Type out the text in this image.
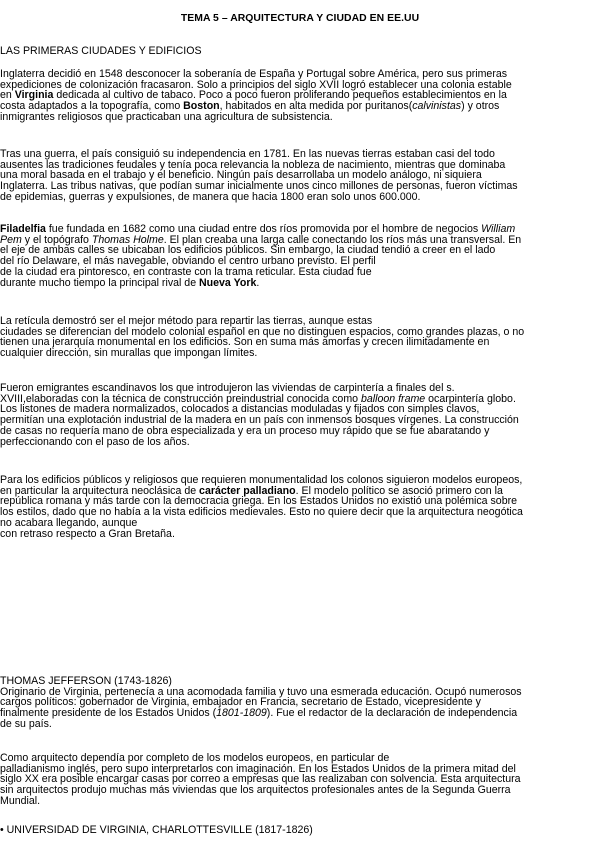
TEMA 5 – ARQUITECTURA Y CIUDAD EN EE.UU
LAS PRIMERAS CIUDADES Y EDIFICIOS
Inglaterra decidió en 1548 desconocer la soberanía de España y Portugal sobre América, pero sus primeras
expediciones de colonización fracasaron. Solo a principios del siglo XVII logró establecer una colonia estable
en Virginia dedicada al cultivo de tabaco. Poco a poco fueron proliferando pequeños establecimientos en la
costa adaptados a la topografía, como Boston, habitados en alta medida por puritanos(calvinistas) y otros
inmigrantes religiosos que practicaban una agricultura de subsistencia.
Tras una guerra, el país consiguió su independencia en 1781. En las nuevas tierras estaban casi del todo
ausentes las tradiciones feudales y tenía poca relevancia la nobleza de nacimiento, mientras que dominaba
una moral basada en el trabajo y el beneficio. Ningún país desarrollaba un modelo análogo, ni siquiera
Inglaterra. Las tribus nativas, que podían sumar inicialmente unos cinco millones de personas, fueron víctimas
de epidemias, guerras y expulsiones, de manera que hacia 1800 eran solo unos 600.000.
Filadelfia fue fundada en 1682 como una ciudad entre dos ríos promovida por el hombre de negocios William
Pem y el topógrafo Thomas Holme. El plan creaba una larga calle conectando los ríos más una transversal. En
el eje de ambas calles se ubicaban los edificios públicos. Sin embargo, la ciudad tendió a creer en el lado
del río Delaware, el más navegable, obviando el centro urbano previsto. El perfil
de la ciudad era pintoresco, en contraste con la trama reticular. Esta ciudad fue
durante mucho tiempo la principal rival de Nueva York.
La retícula demostró ser el mejor método para repartir las tierras, aunque estas
ciudades se diferencian del modelo colonial español en que no distinguen espacios, como grandes plazas, o no
tienen una jerarquía monumental en los edificios. Son en suma más amorfas y crecen ilimitadamente en
cualquier dirección, sin murallas que impongan límites.
Fueron emigrantes escandinavos los que introdujeron las viviendas de carpintería a finales del s.
XVIII,elaboradas con la técnica de construcción preindustrial conocida como balloon frame ocarpintería globo.
Los listones de madera normalizados, colocados a distancias moduladas y fijados con simples clavos,
permitían una explotación industrial de la madera en un país con inmensos bosques vírgenes. La construcción
de casas no requería mano de obra especializada y era un proceso muy rápido que se fue abaratando y
perfeccionando con el paso de los años.
Para los edificios públicos y religiosos que requieren monumentalidad los colonos siguieron modelos europeos,
en particular la arquitectura neoclásica de carácter palladiano. El modelo político se asoció primero con la
república romana y más tarde con la democracia griega. En los Estados Unidos no existió una polémica sobre
los estilos, dado que no había a la vista edificios medievales. Esto no quiere decir que la arquitectura neogótica
no acabara llegando, aunque
con retraso respecto a Gran Bretaña.
THOMAS JEFFERSON (1743-1826)
Originario de Virginia, pertenecía a una acomodada familia y tuvo una esmerada educación. Ocupó numerosos
cargos políticos: gobernador de Virginia, embajador en Francia, secretario de Estado, vicepresidente y
finalmente presidente de los Estados Unidos (1801-1809). Fue el redactor de la declaración de independencia
de su país.
Como arquitecto dependía por completo de los modelos europeos, en particular de
palladianismo inglés, pero supo interpretarlos con imaginación. En los Estados Unidos de la primera mitad del
siglo XX era posible encargar casas por correo a empresas que las realizaban con solvencia. Esta arquitectura
sin arquitectos produjo muchas más viviendas que los arquitectos profesionales antes de la Segunda Guerra
Mundial.
• UNIVERSIDAD DE VIRGINIA, CHARLOTTESVILLE (1817-1826)
